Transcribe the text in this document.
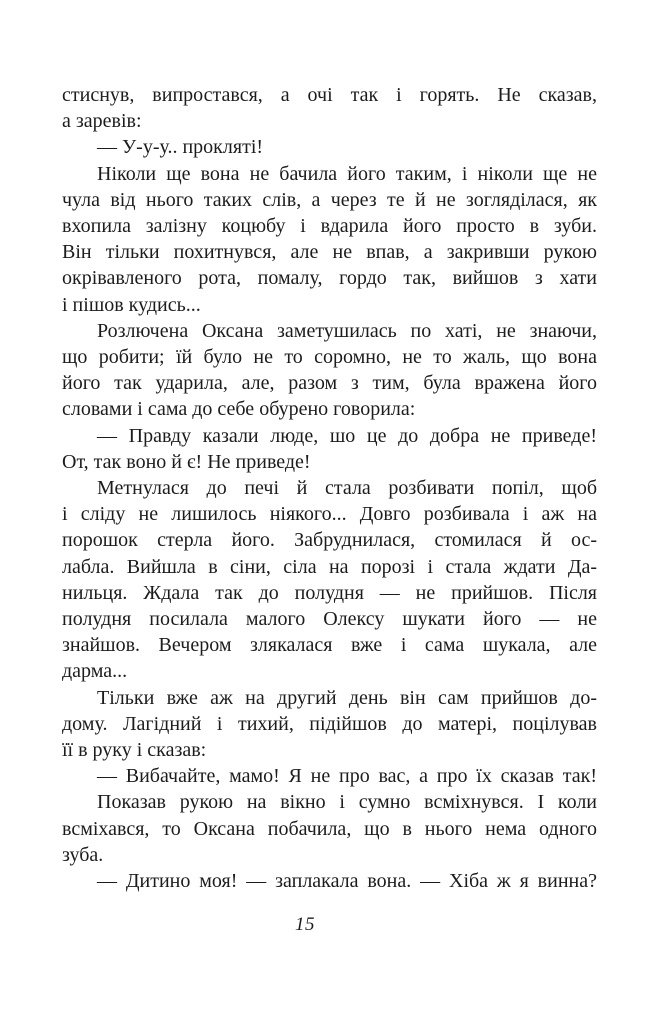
стиснув, випростався, а очі так і горять. Не сказав,
а заревів:
— У-у-у.. прокляті!
Ніколи ще вона не бачила його таким, і ніколи ще не
чула від нього таких слів, а через те й не зогляділася, як
вхопила залізну коцюбу і вдарила його просто в зуби.
Він тільки похитнувся, але не впав, а закривши рукою
окрівавленого рота, помалу, гордо так, вийшов з хати
і пішов кудись...
Розлючена Оксана заметушилась по хаті, не знаючи,
що робити; їй було не то соромно, не то жаль, що вона
його так ударила, але, разом з тим, була вражена його
словами і сама до себе обурено говорила:
— Правду казали люде, шо це до добра не приведе!
От, так воно й є! Не приведе!
Метнулася до печі й стала розбивати попіл, щоб
і сліду не лишилось ніякого... Довго розбивала і аж на
порошок стерла його. Забруднилася, стомилася й ос-
лабла. Вийшла в сіни, сіла на порозі і стала ждати Да-
нильця. Ждала так до полудня — не прийшов. Після
полудня посилала малого Олексу шукати його — не
знайшов. Вечером злякалася вже і сама шукала, але
дарма...
Тільки вже аж на другий день він сам прийшов до-
дому. Лагідний і тихий, підійшов до матері, поцілував
її в руку і сказав:
— Вибачайте, мамо! Я не про вас, а про їх сказав так!
Показав рукою на вікно і сумно всміхнувся. І коли
всміхався, то Оксана побачила, що в нього нема одного
зуба.
— Дитино моя! — заплакала вона. — Хіба ж я винна?
15
